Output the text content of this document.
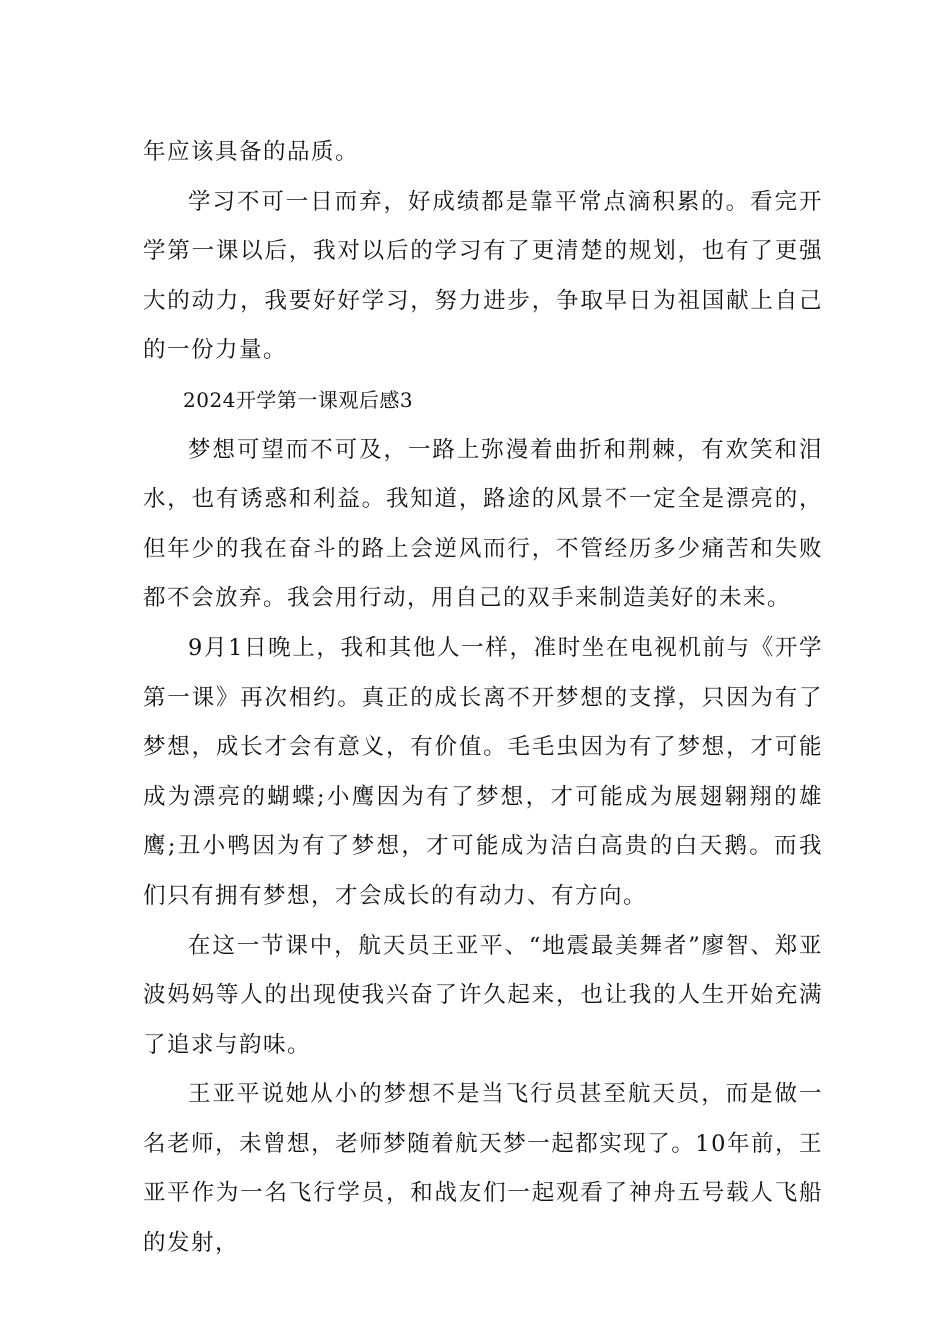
年应该具备的品质。

学习不可一日而弃，好成绩都是靠平常点滴积累的。看完开学第一课以后，我对以后的学习有了更清楚的规划，也有了更强大的动力，我要好好学习，努力进步，争取早日为祖国献上自己的一份力量。

2024开学第一课观后感3

梦想可望而不可及，一路上弥漫着曲折和荆棘，有欢笑和泪水，也有诱惑和利益。我知道，路途的风景不一定全是漂亮的，但年少的我在奋斗的路上会逆风而行，不管经历多少痛苦和失败都不会放弃。我会用行动，用自己的双手来制造美好的未来。

9月1日晚上，我和其他人一样，准时坐在电视机前与《开学第一课》再次相约。真正的成长离不开梦想的支撑，只因为有了梦想，成长才会有意义，有价值。毛毛虫因为有了梦想，才可能成为漂亮的蝴蝶;小鹰因为有了梦想，才可能成为展翅翱翔的雄鹰;丑小鸭因为有了梦想，才可能成为洁白高贵的白天鹅。而我们只有拥有梦想，才会成长的有动力、有方向。

在这一节课中，航天员王亚平、“地震最美舞者”廖智、郑亚波妈妈等人的出现使我兴奋了许久起来，也让我的人生开始充满了追求与韵味。

王亚平说她从小的梦想不是当飞行员甚至航天员，而是做一名老师，未曾想，老师梦随着航天梦一起都实现了。10年前，王亚平作为一名飞行学员，和战友们一起观看了神舟五号载人飞船的发射，
